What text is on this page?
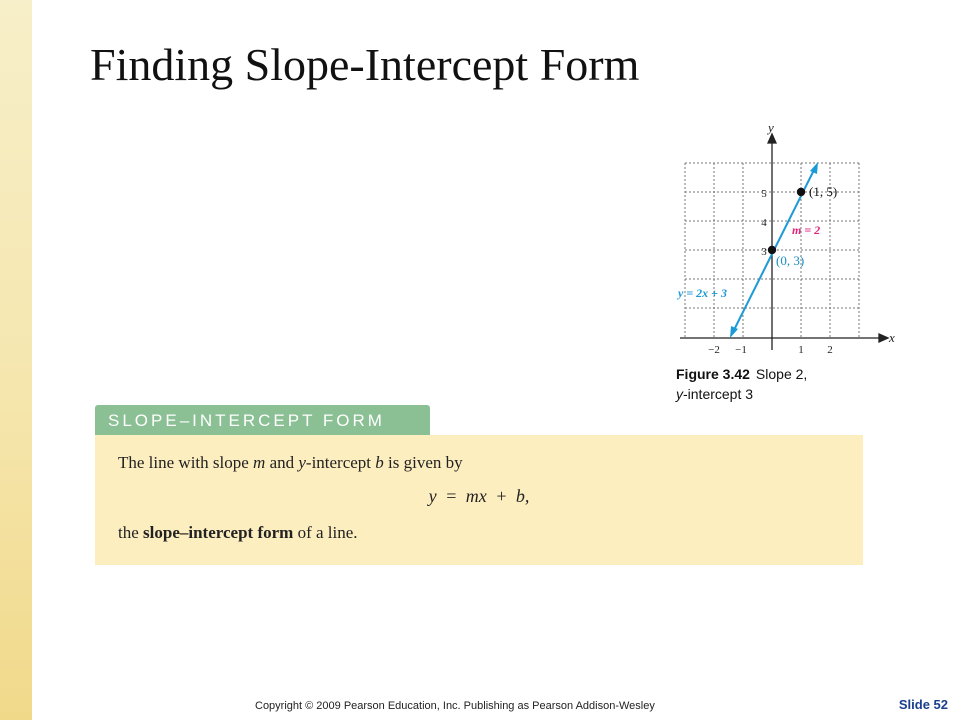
Finding Slope-Intercept Form
x
y
−2 −1	1 2
3
4
5	(1, 5)
(0, 3)
m = 2
y = 2x + 3
Figure 3.42 Slope 2,
y-intercept 3
SLOPE–INTERCEPT FORM
The line with slope m and y-intercept b is given by
y = mx + b,
the slope–intercept form of a line.
Copyright © 2009 Pearson Education, Inc. Publishing as Pearson Addison-Wesley	Slide 52
